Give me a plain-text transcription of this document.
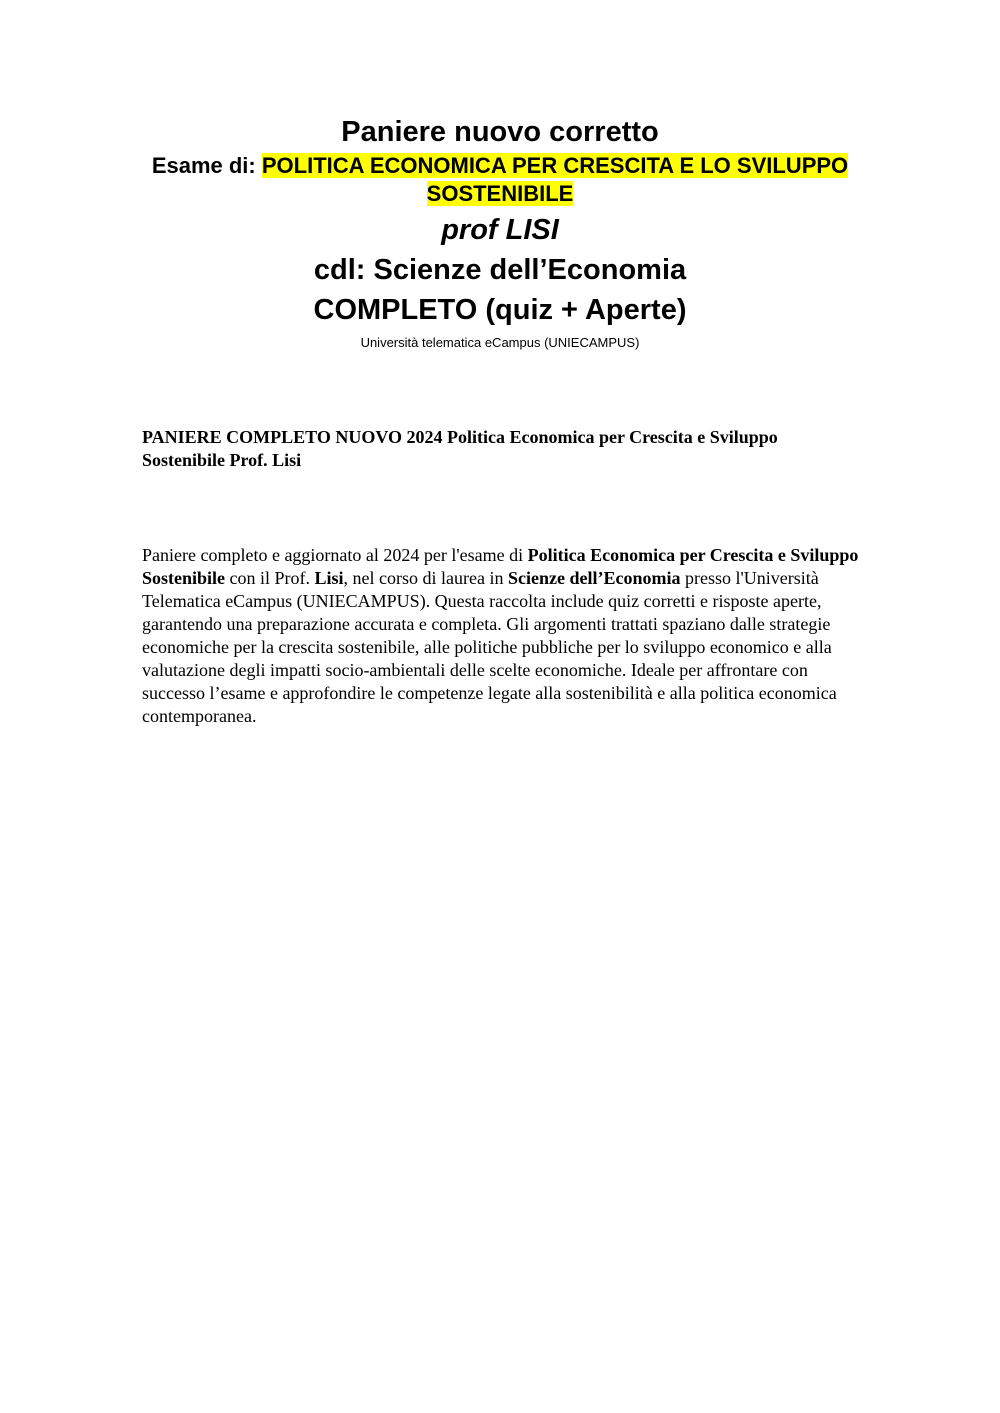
Paniere nuovo corretto
Esame di: POLITICA ECONOMICA PER CRESCITA E LO SVILUPPO SOSTENIBILE
prof LISI
cdl: Scienze dell’Economia
COMPLETO (quiz + Aperte)
Università telematica eCampus (UNIECAMPUS)
PANIERE COMPLETO NUOVO 2024 Politica Economica per Crescita e Sviluppo Sostenibile Prof. Lisi
Paniere completo e aggiornato al 2024 per l'esame di Politica Economica per Crescita e Sviluppo Sostenibile con il Prof. Lisi, nel corso di laurea in Scienze dell’Economia presso l'Università Telematica eCampus (UNIECAMPUS). Questa raccolta include quiz corretti e risposte aperte, garantendo una preparazione accurata e completa. Gli argomenti trattati spaziano dalle strategie economiche per la crescita sostenibile, alle politiche pubbliche per lo sviluppo economico e alla valutazione degli impatti socio-ambientali delle scelte economiche. Ideale per affrontare con successo l’esame e approfondire le competenze legate alla sostenibilità e alla politica economica contemporanea.
